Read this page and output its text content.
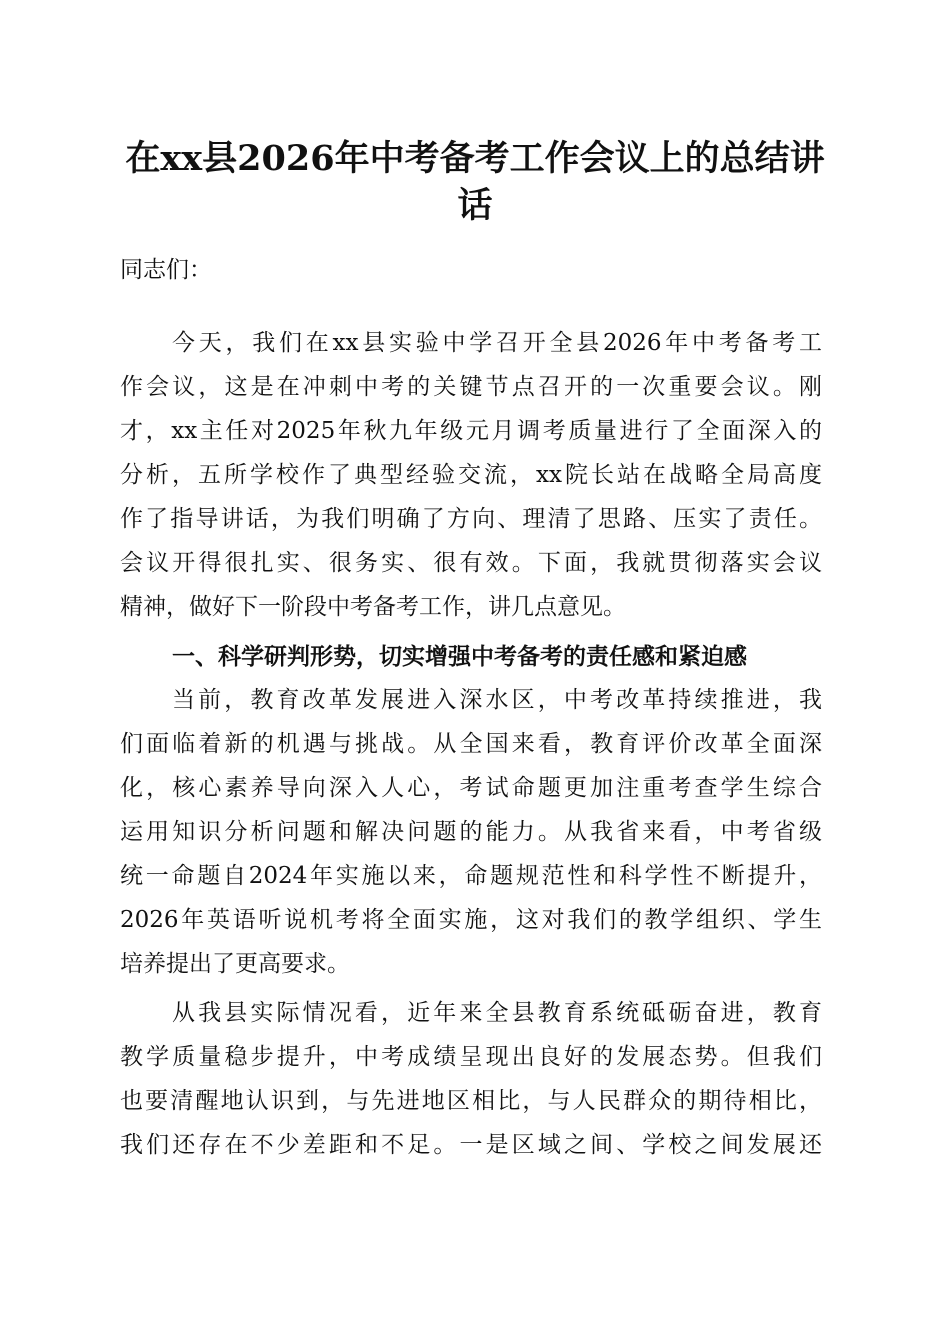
在xx县2026年中考备考工作会议上的总结讲
话
同志们：
今天，我们在xx县实验中学召开全县2026年中考备考工
作会议，这是在冲刺中考的关键节点召开的一次重要会议。刚
才，xx主任对2025年秋九年级元月调考质量进行了全面深入的
分析，五所学校作了典型经验交流，xx院长站在战略全局高度
作了指导讲话，为我们明确了方向、理清了思路、压实了责任。
会议开得很扎实、很务实、很有效。下面，我就贯彻落实会议
精神，做好下一阶段中考备考工作，讲几点意见。
一、科学研判形势，切实增强中考备考的责任感和紧迫感
当前，教育改革发展进入深水区，中考改革持续推进，我
们面临着新的机遇与挑战。从全国来看，教育评价改革全面深
化，核心素养导向深入人心，考试命题更加注重考查学生综合
运用知识分析问题和解决问题的能力。从我省来看，中考省级
统一命题自2024年实施以来，命题规范性和科学性不断提升，
2026年英语听说机考将全面实施，这对我们的教学组织、学生
培养提出了更高要求。
从我县实际情况看，近年来全县教育系统砥砺奋进，教育
教学质量稳步提升，中考成绩呈现出良好的发展态势。但我们
也要清醒地认识到，与先进地区相比，与人民群众的期待相比，
我们还存在不少差距和不足。一是区域之间、学校之间发展还
